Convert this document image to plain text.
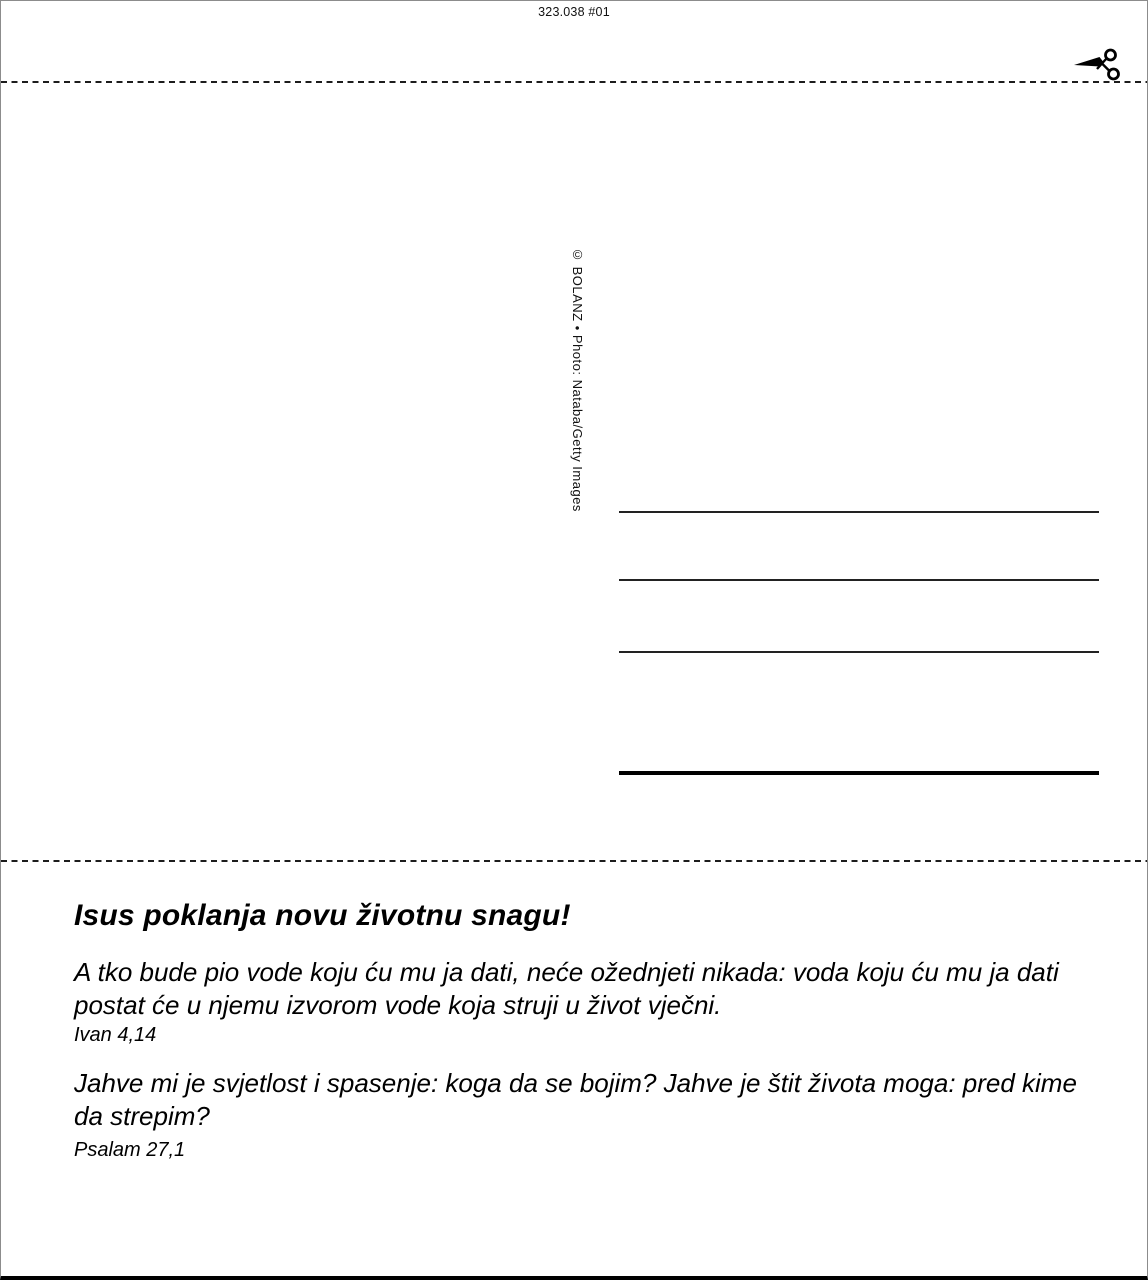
323.038 #01
© BOLANZ • Photo: Nataba/Getty Images
Isus poklanja novu životnu snagu!

A tko bude pio vode koju ću mu ja dati, neće ožednjeti nikada: voda koju ću mu ja dati postat će u njemu izvorom vode koja struji u život vječni.

Ivan 4,14

Jahve mi je svjetlost i spasenje: koga da se bojim? Jahve je štit života moga: pred kime da strepim?

Psalam 27,1
